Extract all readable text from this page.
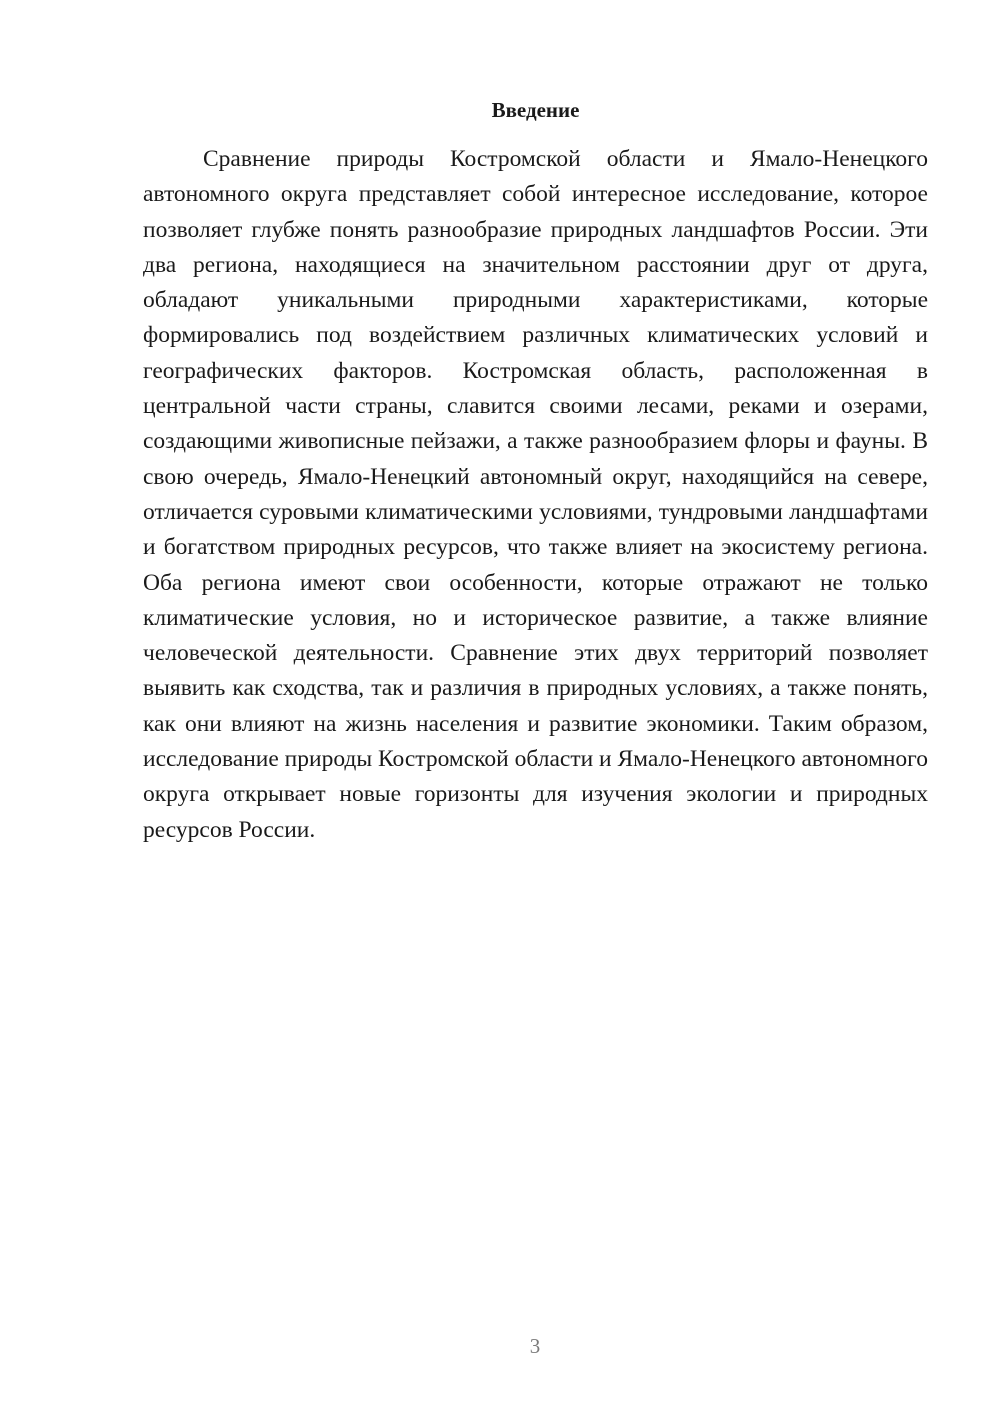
Введение

Сравнение природы Костромской области и Ямало-Ненецкого автономного округа представляет собой интересное исследование, которое позволяет глубже понять разнообразие природных ландшафтов России. Эти два региона, находящиеся на значительном расстоянии друг от друга, обладают уникальными природными характеристиками, которые формировались под воздействием различных климатических условий и географических факторов. Костромская область, расположенная в центральной части страны, славится своими лесами, реками и озерами, создающими живописные пейзажи, а также разнообразием флоры и фауны. В свою очередь, Ямало-Ненецкий автономный округ, находящийся на севере, отличается суровыми климатическими условиями, тундровыми ландшафтами и богатством природных ресурсов, что также влияет на экосистему региона. Оба региона имеют свои особенности, которые отражают не только климатические условия, но и историческое развитие, а также влияние человеческой деятельности. Сравнение этих двух территорий позволяет выявить как сходства, так и различия в природных условиях, а также понять, как они влияют на жизнь населения и развитие экономики. Таким образом, исследование природы Костромской области и Ямало-Ненецкого автономного округа открывает новые горизонты для изучения экологии и природных ресурсов России.

3
